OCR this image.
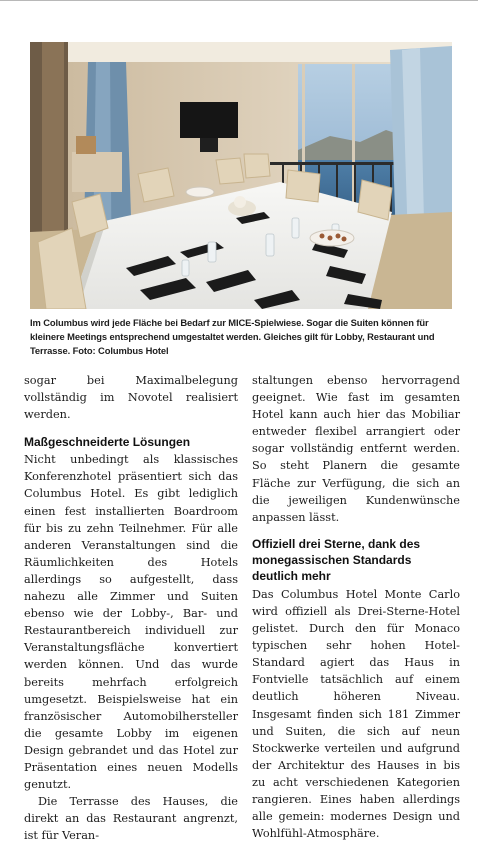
Im Columbus wird jede Fläche bei Bedarf zur MICE-Spielwiese. Sogar die Suiten können für kleinere Meetings entsprechend umgestaltet werden. Gleiches gilt für Lobby, Restaurant und Terrasse. Foto: Columbus Hotel

sogar bei Maximalbelegung vollständig im Novotel realisiert werden.

Maßgeschneiderte Lösungen

Nicht unbedingt als klassisches Konferenzhotel präsentiert sich das Columbus Hotel. Es gibt lediglich einen fest installierten Boardroom für bis zu zehn Teilnehmer. Für alle anderen Veranstaltungen sind die Räumlichkeiten des Hotels allerdings so aufgestellt, dass nahezu alle Zimmer und Suiten ebenso wie der Lobby-, Bar- und Restaurantbereich individuell zur Veranstaltungsfläche konvertiert werden können. Und das wurde bereits mehrfach erfolgreich umgesetzt. Beispielsweise hat ein französischer Automobilhersteller die gesamte Lobby im eigenen Design gebrandet und das Hotel zur Präsentation eines neuen Modells genutzt.

Die Terrasse des Hauses, die direkt an das Restaurant angrenzt, ist für Veran-

staltungen ebenso hervorragend geeignet. Wie fast im gesamten Hotel kann auch hier das Mobiliar entweder flexibel arrangiert oder sogar vollständig entfernt werden. So steht Planern die gesamte Fläche zur Verfügung, die sich an die jeweiligen Kundenwünsche anpassen lässt.

Offiziell drei Sterne, dank des monegassischen Standards deutlich mehr

Das Columbus Hotel Monte Carlo wird offiziell als Drei-Sterne-Hotel gelistet. Durch den für Monaco typischen sehr hohen Hotel-Standard agiert das Haus in Fontvielle tatsächlich auf einem deutlich höheren Niveau. Insgesamt finden sich 181 Zimmer und Suiten, die sich auf neun Stockwerke verteilen und aufgrund der Architektur des Hauses in bis zu acht verschiedenen Kategorien rangieren. Eines haben allerdings alle gemein: modernes Design und Wohlfühl-Atmosphäre.
